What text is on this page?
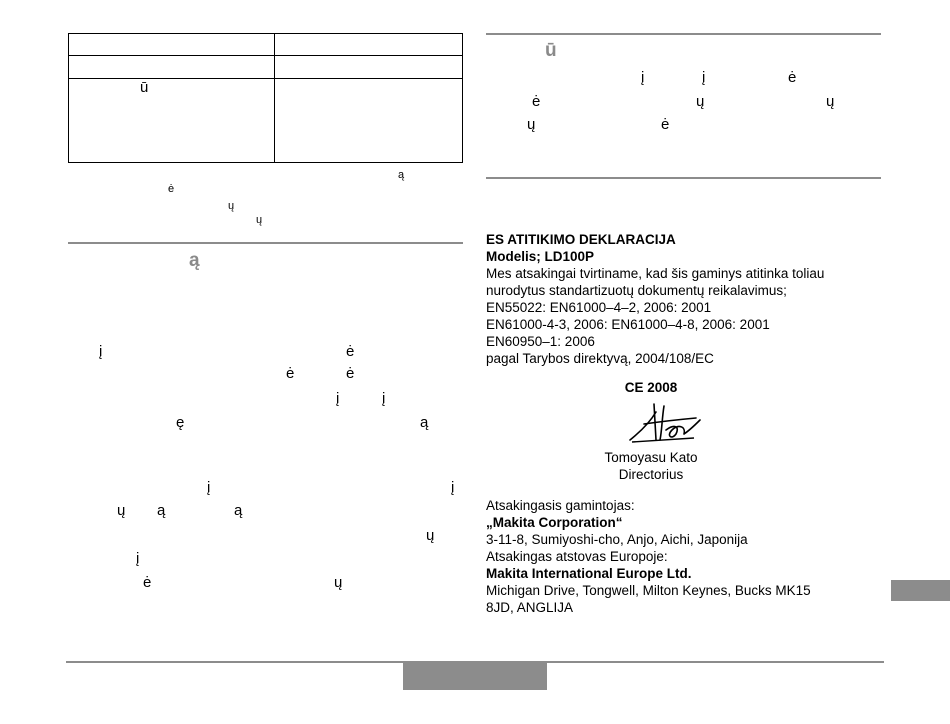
ū
ą
ė
ų
ų
ą
į	ė
ė	ė
į	į
ę	ą
į	į
ų ą	ą
ų
į
ė	ų
ū
į	į	ė
ė	ų	ų
ų	ė
ES ATITIKIMO DEKLARACIJA
Modelis; LD100P
Mes atsakingai tvirtiname, kad šis gaminys atitinka toliau
nurodytus standartizuotų dokumentų reikalavimus;
EN55022: EN61000–4–2, 2006: 2001
EN61000-4-3, 2006: EN61000–4-8, 2006: 2001
EN60950–1: 2006
pagal Tarybos direktyvą, 2004/108/EC
CE 2008
Tomoyasu Kato
Directorius
Atsakingasis gamintojas:
„Makita Corporation“
3-11-8, Sumiyoshi-cho, Anjo, Aichi, Japonija
Atsakingas atstovas Europoje:
Makita International Europe Ltd.
Michigan Drive, Tongwell, Milton Keynes, Bucks MK15
8JD, ANGLIJA
